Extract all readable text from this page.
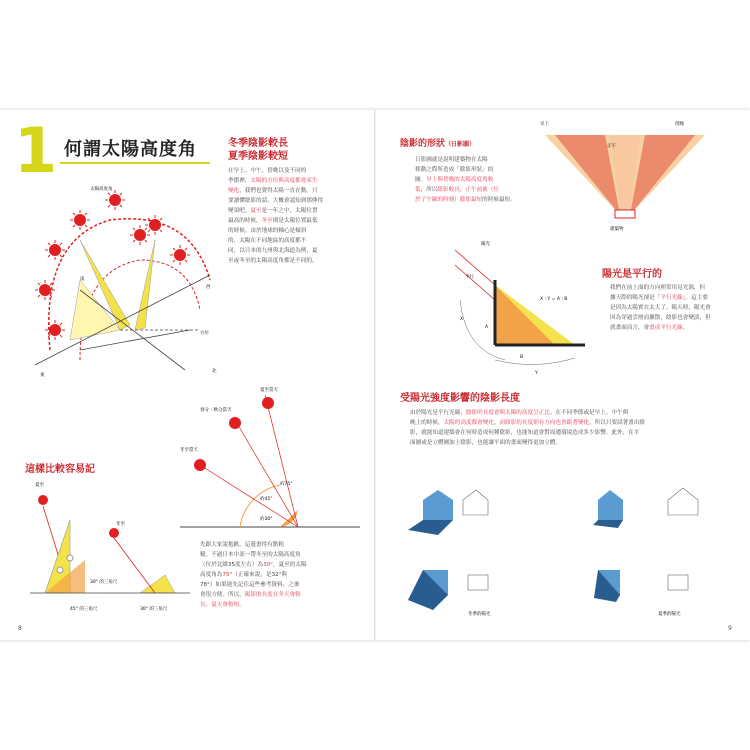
1 何謂太陽高度角	冬季陰影較長
夏季陰影較短
在早上、中午、傍晚以及不同的
季節裡，太陽的方位與高度都會產生
變化，我們也覺得太陽一直在動。只
要讀懂陰影的話，大概會認知到那傳得
變須吧。夏至是一年之中，太陽位置
最高的時候，冬至則是太陽位置最低
的時候。由於地球的軸心是傾斜
的，太陽在不同地區的高度都不
同，以日本的九州與北海道為例，夏
至或冬至的太陽高度角都是不同的。
太陽高度角
南
西
東
北
方位
這樣比較容易記
夏至
冬至
30° 的三角尺
45° 的三角尺	30° 的三角尺
夏至當天
春分・秋分當天
冬至當天
約75°
約45°
約30°
先跟大家說抱歉，這邊畫得有點粗
糙。不過日本中部一帶冬至的太陽高度角
（位於北緯35度左右）為30°，夏至的太陽
高度角為75°（正確來說，是32°與
78°）如果能先記住這些參考資料，之後
會很方便。所以，陽影的長度在冬天會較
長，夏天會較短。
8
陰影的形狀（日影圖）
日影圖就是說明建築物在太陽
移動之際所造成「陰影形狀」的
圖。早上與傍晚的太陽高度角較
低，所以陰影較長，正午前後（位
於子午線的時刻）陰影最短的時候最短。
早上	傍晚
正午
建築物
陽光
平行
X : Y = A : B
X
A
B
Y
陽光是平行的
我們在前上面的方向照常用見光源，但
據天際的陽光卻是「平行光線」。這主要
是因為太陽實在太大了，陽天時，陽光會
因為穿過雲層而擴散，陰影也會變淡，但
就畫面而言，會畫成平行光線。
受陽光強度影響的陰影長度
由於陽光是平行光線，陰影的長度會與太陽的高度呈正比。在不同季節或是早上、中午與
晚上的時候，太陽的高度都會變化，而陰影的長度則有方向也會跟著變化，所以只要試著畫出陰
影，就能知道建築會在何時造成何種陰影，也能知道會對周遭環境造成多少影響。此外，在平
面圖或是立體圖加上陰影，也能讓平面的畫面變得更加立體。
冬季的陽光	夏季的陽光
9
